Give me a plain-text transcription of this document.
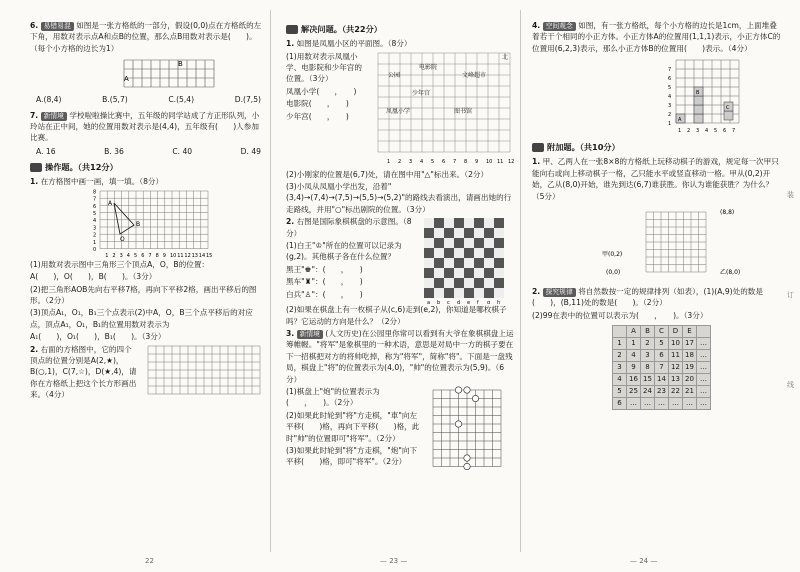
6. 易错易混 如图是一张方格纸的一部分，假设(0,0)点在方格纸的左下角，用数对表示点A和点B的位置，那么点B用数对表示是(　　)。（每个小方格的边长为1）
A
B
A.(8,4)	B.(5,7)	C.(5,4)	D.(7,5)
7. 新情境 学校啦啦操比赛中，五年级的同学站成了方正形队列，小玲站在正中间，她的位置用数对表示是(4,4)，五年级有(　　)人参加比赛。
A. 16	B. 36	C. 40	D. 49
操作题。（共12分）
1. 在方格图中画一画，填一填。（8分）
A
B
O
0
1
2
3
4
5
6
7
8
1 2 3 4 5 6 7 8 9 10 11 12 13 14 15
(1)用数对表示图中三角形三个顶点A，O，B的位置：
A(　　)，O(　　)，B(　　)。（3分）
(2)把三角形AOB先向右平移7格，再向下平移2格，画出平移后的图形。（2分）
(3)顶点A₁，O₁，B₁三个点表示(2)中A，O，B三个点平移后的对应点，顶点A₁，O₁，B₁的位置用数对表示为
A₁(　　)，O₁(　　)，B₁(　　)。（3分）
2. 右面的方格图中，它的四个顶点的位置分别是A(2,★)，B(○,1)，C(7,☆)，D(★,4)，请你在方格纸上把这个长方形画出来。（4分）
22
解决问题。（共22分）
1. 如图是凤凰小区的平面图。（8分）
(1)用数对表示凤凰小学、电影院和少年宫的位置。（3分）
凤凰小学(　　，　　)
电影院(　　，　　)
少年宫(　　，　　)
公园
电影院
文峰超市
凤凰小学
少年宫
图书馆
北
1 2 3 4 5 6 7 8 9 10 11 12
(2)小刚家的位置是(6,7)处，请在图中用"△"标出来。（2分）
(3)小凤从凤凰小学出发，沿着"(3,4)→(7,4)→(7,5)→(5,5)→(5,2)"的路线去看演出，请画出她的行走路线，并用"○"标出剧院的位置。（3分）
2. 右图是国际象棋棋盘的示意图。（8分）
(1)白王"♔"所在的位置可以记录为(g,2)。其他棋子各在什么位置？
黑王"♚"：(　　，　　)
黑车"♜"：(　　，　　)
白兵"♙"：(　　，　　)
a b c d e f g h
(2)如果在棋盘上有一枚棋子从(c,6)走到(e,2)，你知道是哪枚棋子吗？它运动的方向是什么？（2分）
3. 新情境 (人文历史)在公园里你常可以看到有大爷在象棋棋盘上运筹帷幄。"将军"是象棋里的一种术语，意思是对局中一方的棋子要在下一招棋把对方的将帅吃掉，称为"将军"，简称"将"。下面是一盘残局，棋盘上"将"的位置表示为(4,0)，"帅"的位置表示为(5,9)。（6分）
(1)棋盘上"炮"的位置表示为(　　，　　)。（2分）
(2)如果此时轮到"将"方走棋，"車"向左平移(　　)格，再向下平移(　　)格，此时"帅"的位置即可"将军"。（2分）
(3)如果此时轮到"将"方走棋，"炮"向下平移(　　)格，即可"将军"。（2分）
— 23 —
4. 空间观念 如图，有一张方格纸，每个小方格的边长是1cm，上面堆叠着若干个相同的小正方体。小正方体A的位置用(1,1,1)表示，小正方体C的位置用(6,2,3)表示，那么小正方体B的位置用(　　)表示。（4分）
1
2
3
4
5
6
7
1 2 3 4 5 6 7
A
B
C
附加题。（共10分）
1. 甲、乙两人在一张8×8的方格纸上玩移动棋子的游戏，规定每一次甲只能向右或向上移动棋子一格，乙只能水平或竖直移动一格。甲从(0,2)开始，乙从(8,0)开始，谁先到达(6,7)谁获胜。你认为谁能获胜？为什么？（5分）
(8,8)
甲(0,2)
(0,0)	乙(8,0)
2. 探究规律 将自然数按一定的规律排列（如表），(1)(A,9)处的数是(　　)，(B,11)处的数是(　　)。（2分）
(2)99在表中的位置可以表示为(　　，　　)。（3分）
	A	B	C	D	E	
1	1	2	5	10	17	…
2	4	3	6	11	18	…
3	9	8	7	12	19	…
4	16	15	14	13	20	…
5	25	24	23	22	21	…
6	…	…	…	…	…	…
— 24 —
装
订
线
